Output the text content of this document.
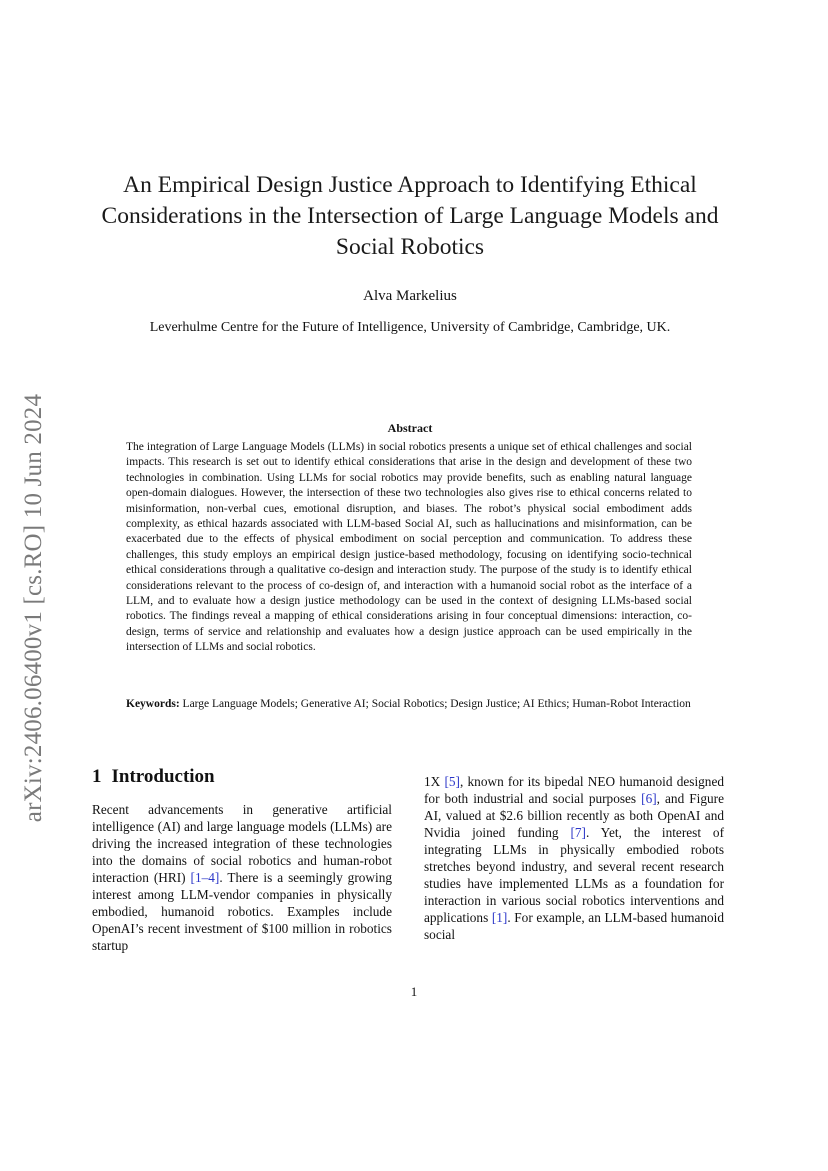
arXiv:2406.06400v1 [cs.RO] 10 Jun 2024
An Empirical Design Justice Approach to Identifying Ethical Considerations in the Intersection of Large Language Models and Social Robotics
Alva Markelius
Leverhulme Centre for the Future of Intelligence, University of Cambridge, Cambridge, UK.
Abstract

The integration of Large Language Models (LLMs) in social robotics presents a unique set of ethical challenges and social impacts. This research is set out to identify ethical considerations that arise in the design and development of these two technologies in combination. Using LLMs for social robotics may provide benefits, such as enabling natural language open-domain dialogues. However, the intersection of these two technologies also gives rise to ethical concerns related to misinformation, non-verbal cues, emotional disruption, and biases. The robot’s physical social embodiment adds complexity, as ethical hazards associated with LLM-based Social AI, such as hallucinations and misinformation, can be exacerbated due to the effects of physical embodiment on social perception and communication. To address these challenges, this study employs an empirical design justice-based methodology, focusing on identifying socio-technical ethical considerations through a qualitative co-design and interaction study. The purpose of the study is to identify ethical considerations relevant to the process of co-design of, and interaction with a humanoid social robot as the interface of a LLM, and to evaluate how a design justice methodology can be used in the context of designing LLMs-based social robotics. The findings reveal a mapping of ethical considerations arising in four conceptual dimensions: interaction, co-design, terms of service and relationship and evaluates how a design justice approach can be used empirically in the intersection of LLMs and social robotics.

Keywords: Large Language Models; Generative AI; Social Robotics; Design Justice; AI Ethics; Human-Robot Interaction

1 Introduction

Recent advancements in generative artificial intelligence (AI) and large language models (LLMs) are driving the increased integration of these technologies into the domains of social robotics and human-robot interaction (HRI) [1–4]. There is a seemingly growing interest among LLM-vendor companies in physically embodied, humanoid robotics. Examples include OpenAI’s recent investment of $100 million in robotics startup

1X [5], known for its bipedal NEO humanoid designed for both industrial and social purposes [6], and Figure AI, valued at $2.6 billion recently as both OpenAI and Nvidia joined funding [7]. Yet, the interest of integrating LLMs in physically embodied robots stretches beyond industry, and several recent research studies have implemented LLMs as a foundation for interaction in various social robotics interventions and applications [1]. For example, an LLM-based humanoid social

1
